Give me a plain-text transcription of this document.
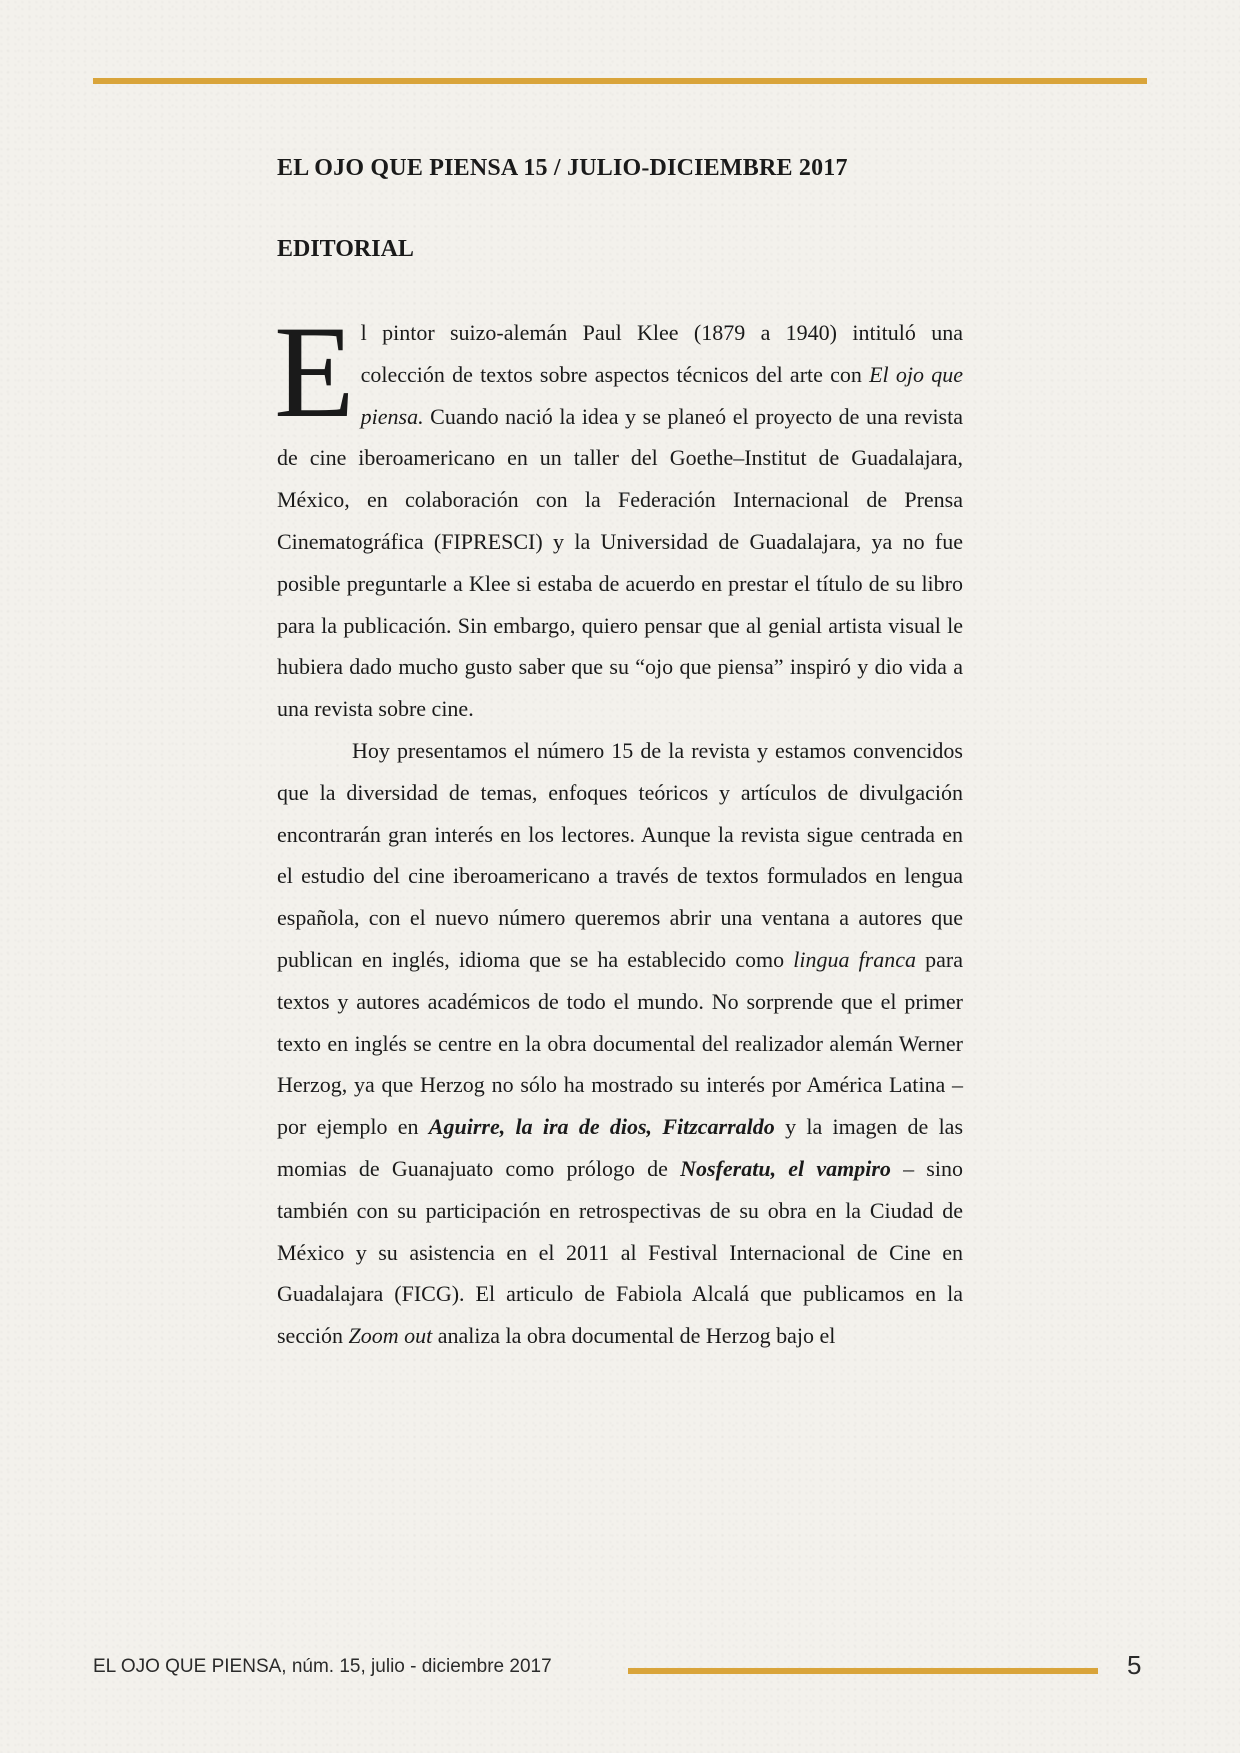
EL OJO QUE PIENSA 15 / JULIO-DICIEMBRE 2017

EDITORIAL

El pintor suizo-alemán Paul Klee (1879 a 1940) intituló una colección de textos sobre aspectos técnicos del arte con El ojo que piensa. Cuando nació la idea y se planeó el proyecto de una revista de cine iberoamericano en un taller del Goethe–Institut de Guadalajara, México, en colaboración con la Federación Internacional de Prensa Cinematográfica (FIPRESCI) y la Universidad de Guadalajara, ya no fue posible preguntarle a Klee si estaba de acuerdo en prestar el título de su libro para la publicación. Sin embargo, quiero pensar que al genial artista visual le hubiera dado mucho gusto saber que su “ojo que piensa” inspiró y dio vida a una revista sobre cine.

Hoy presentamos el número 15 de la revista y estamos convencidos que la diversidad de temas, enfoques teóricos y artículos de divulgación encontrarán gran interés en los lectores. Aunque la revista sigue centrada en el estudio del cine iberoamericano a través de textos formulados en lengua española, con el nuevo número queremos abrir una ventana a autores que publican en inglés, idioma que se ha establecido como lingua franca para textos y autores académicos de todo el mundo. No sorprende que el primer texto en inglés se centre en la obra documental del realizador alemán Werner Herzog, ya que Herzog no sólo ha mostrado su interés por América Latina – por ejemplo en Aguirre, la ira de dios, Fitzcarraldo y la imagen de las momias de Guanajuato como prólogo de Nosferatu, el vampiro – sino también con su participación en retrospectivas de su obra en la Ciudad de México y su asistencia en el 2011 al Festival Internacional de Cine en Guadalajara (FICG). El articulo de Fabiola Alcalá que publicamos en la sección Zoom out analiza la obra documental de Herzog bajo el

EL OJO QUE PIENSA, núm. 15, julio - diciembre 2017	5
